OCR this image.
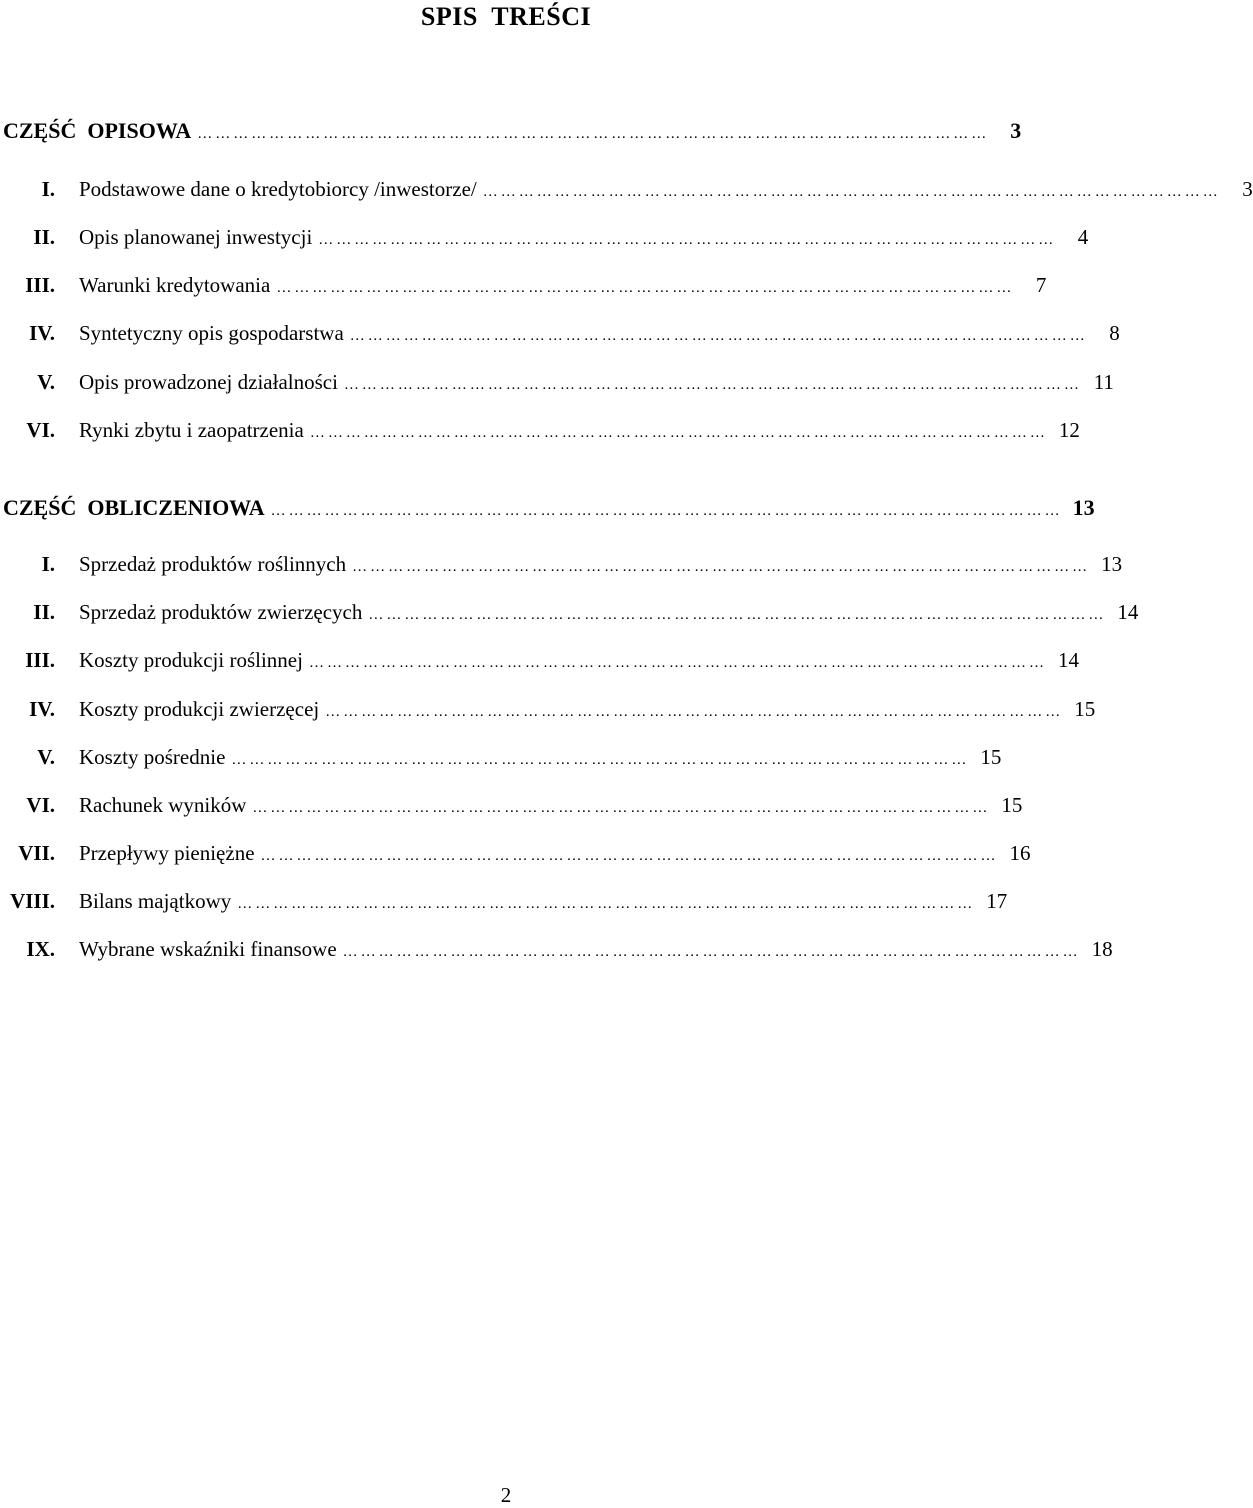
SPIS  TREŚCI
CZĘŚĆ  OPISOWA …………………………………………………………………………………………………………………… 3
I.	Podstawowe dane o kredytobiorcy /inwestorze/ ……………………………………………………………………………………………………………	3
II.	Opis planowanej inwestycji ……………………………………………………………………………………………………………	4
III.	Warunki kredytowania ……………………………………………………………………………………………………………	7
IV.	Syntetyczny opis gospodarstwa ……………………………………………………………………………………………………………	8
V.	Opis prowadzonej działalności …………………………………………………………………………………………………………… 11
VI.	Rynki zbytu i zaopatrzenia …………………………………………………………………………………………………………… 12
CZĘŚĆ  OBLICZENIOWA …………………………………………………………………………………………………………………… 13
I.	Sprzedaż produktów roślinnych …………………………………………………………………………………………………………… 13
II.	Sprzedaż produktów zwierzęcych …………………………………………………………………………………………………………… 14
III.	Koszty produkcji roślinnej …………………………………………………………………………………………………………… 14
IV.	Koszty produkcji zwierzęcej …………………………………………………………………………………………………………… 15
V.	Koszty pośrednie …………………………………………………………………………………………………………… 15
VI.	Rachunek wyników …………………………………………………………………………………………………………… 15
VII.	Przepływy pieniężne …………………………………………………………………………………………………………… 16
VIII.	Bilans majątkowy …………………………………………………………………………………………………………… 17
IX.	Wybrane wskaźniki finansowe …………………………………………………………………………………………………………… 18
2
